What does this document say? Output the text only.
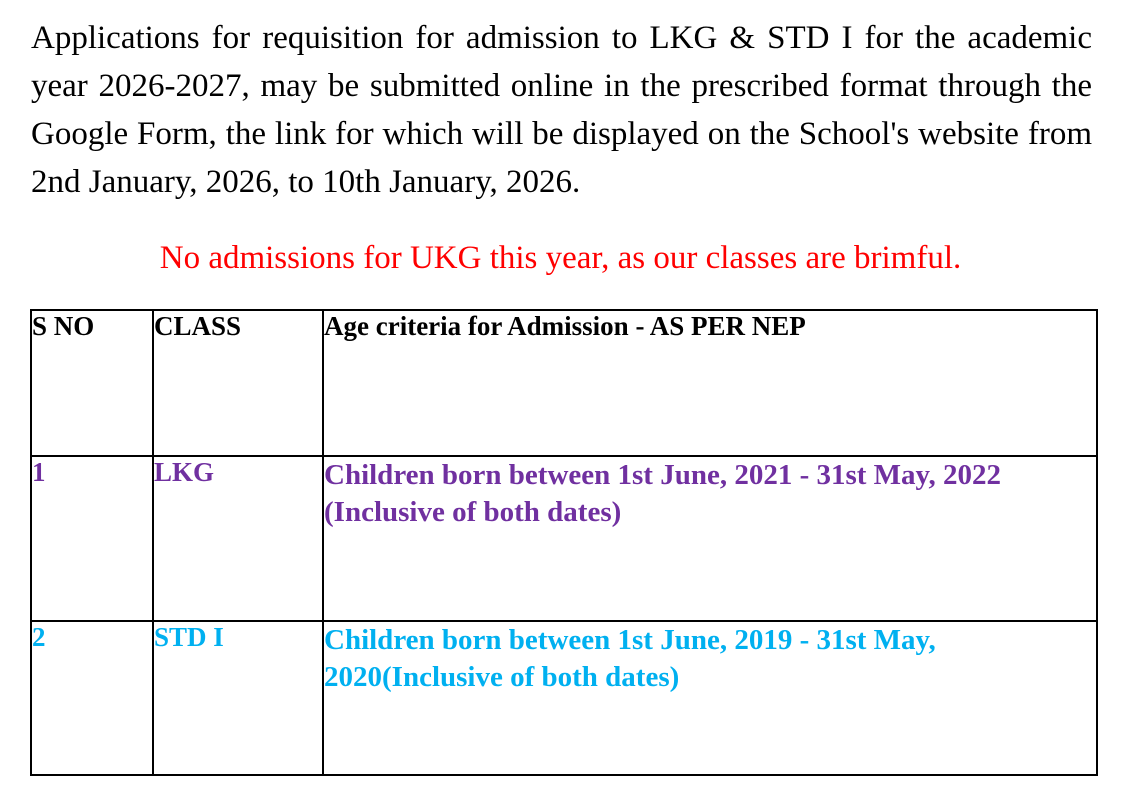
Applications for requisition for admission to LKG & STD I for the academic year 2026-2027, may be submitted online in the prescribed format through the Google Form, the link for which will be displayed on the School's website from 2nd January, 2026, to 10th January, 2026.

No admissions for UKG this year, as our classes are brimful.

S NO	CLASS	Age criteria for Admission - AS PER NEP
1	LKG	Children born between 1st June, 2021 - 31st May, 2022 (Inclusive of both dates)
2	STD I	Children born between 1st June, 2019 - 31st May, 2020(Inclusive of both dates)
